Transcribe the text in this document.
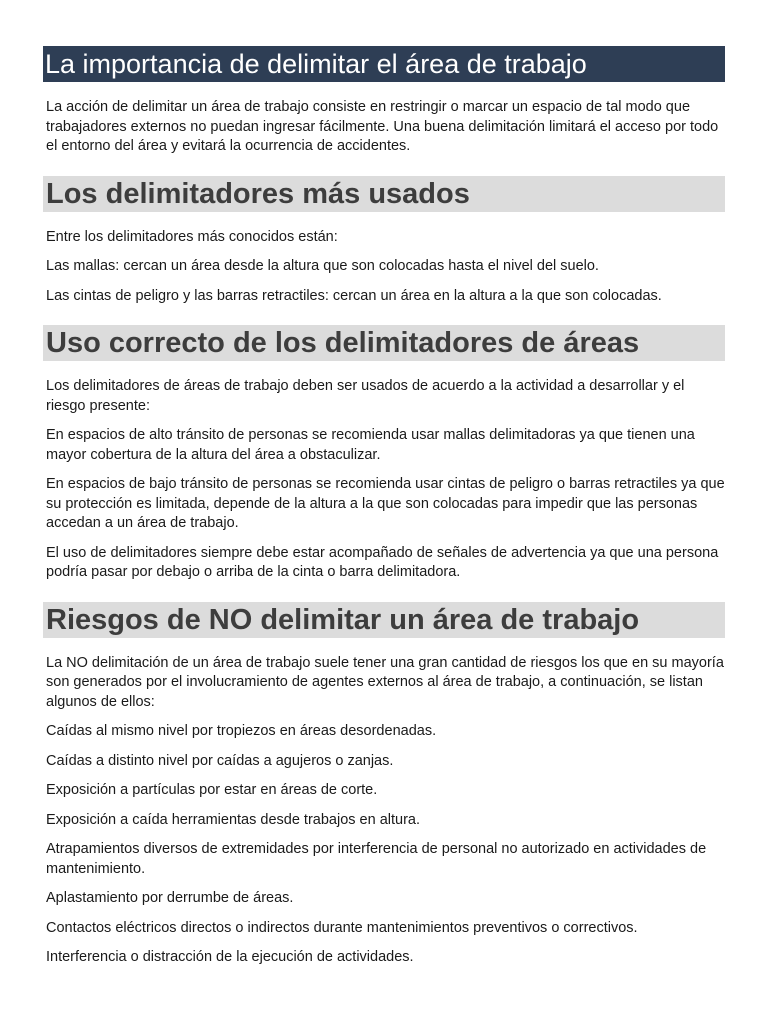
La importancia de delimitar el área de trabajo

La acción de delimitar un área de trabajo consiste en restringir o marcar un espacio de tal modo que trabajadores externos no puedan ingresar fácilmente. Una buena delimitación limitará el acceso por todo el entorno del área y evitará la ocurrencia de accidentes.

Los delimitadores más usados

Entre los delimitadores más conocidos están:

Las mallas: cercan un área desde la altura que son colocadas hasta el nivel del suelo.

Las cintas de peligro y las barras retractiles: cercan un área en la altura a la que son colocadas.

Uso correcto de los delimitadores de áreas

Los delimitadores de áreas de trabajo deben ser usados de acuerdo a la actividad a desarrollar y el riesgo presente:

En espacios de alto tránsito de personas se recomienda usar mallas delimitadoras ya que tienen una mayor cobertura de la altura del área a obstaculizar.

En espacios de bajo tránsito de personas se recomienda usar cintas de peligro o barras retractiles ya que su protección es limitada, depende de la altura a la que son colocadas para impedir que las personas accedan a un área de trabajo.

El uso de delimitadores siempre debe estar acompañado de señales de advertencia ya que una persona podría pasar por debajo o arriba de la cinta o barra delimitadora.

Riesgos de NO delimitar un área de trabajo

La NO delimitación de un área de trabajo suele tener una gran cantidad de riesgos los que en su mayoría son generados por el involucramiento de agentes externos al área de trabajo, a continuación, se listan algunos de ellos:

Caídas al mismo nivel por tropiezos en áreas desordenadas.

Caídas a distinto nivel por caídas a agujeros o zanjas.

Exposición a partículas por estar en áreas de corte.

Exposición a caída herramientas desde trabajos en altura.

Atrapamientos diversos de extremidades por interferencia de personal no autorizado en actividades de mantenimiento.

Aplastamiento por derrumbe de áreas.

Contactos eléctricos directos o indirectos durante mantenimientos preventivos o correctivos.

Interferencia o distracción de la ejecución de actividades.
